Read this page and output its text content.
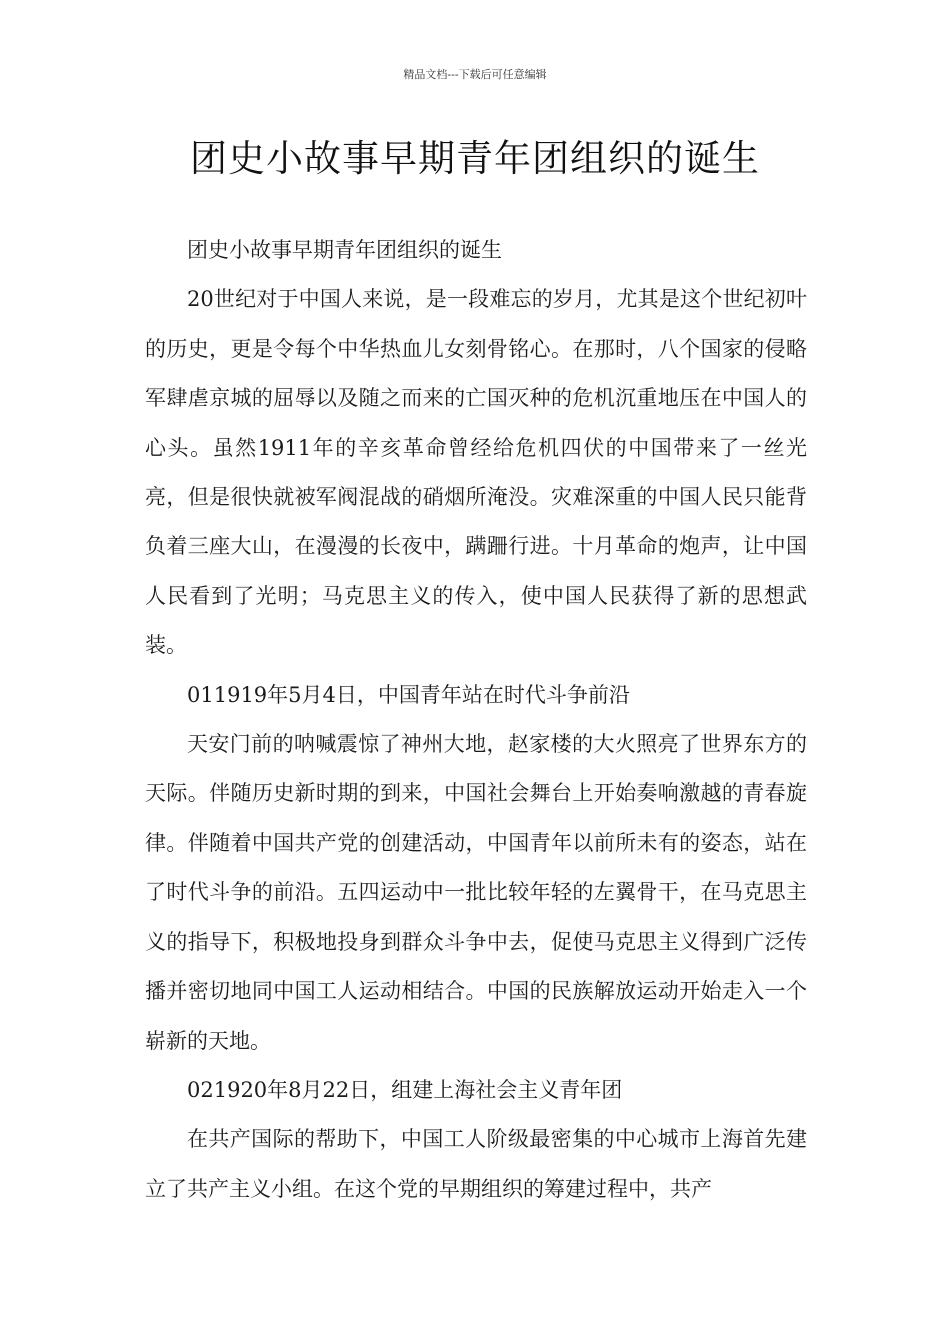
精品文档---下载后可任意编辑
团史小故事早期青年团组织的诞生

团史小故事早期青年团组织的诞生

20世纪对于中国人来说，是一段难忘的岁月，尤其是这个世纪初叶的历史，更是令每个中华热血儿女刻骨铭心。在那时，八个国家的侵略军肆虐京城的屈辱以及随之而来的亡国灭种的危机沉重地压在中国人的心头。虽然1911年的辛亥革命曾经给危机四伏的中国带来了一丝光亮，但是很快就被军阀混战的硝烟所淹没。灾难深重的中国人民只能背负着三座大山，在漫漫的长夜中，蹒跚行进。十月革命的炮声，让中国人民看到了光明；马克思主义的传入，使中国人民获得了新的思想武装。

011919年5月4日，中国青年站在时代斗争前沿

天安门前的呐喊震惊了神州大地，赵家楼的大火照亮了世界东方的天际。伴随历史新时期的到来，中国社会舞台上开始奏响激越的青春旋律。伴随着中国共产党的创建活动，中国青年以前所未有的姿态，站在了时代斗争的前沿。五四运动中一批比较年轻的左翼骨干，在马克思主义的指导下，积极地投身到群众斗争中去，促使马克思主义得到广泛传播并密切地同中国工人运动相结合。中国的民族解放运动开始走入一个崭新的天地。

021920年8月22日，组建上海社会主义青年团

在共产国际的帮助下，中国工人阶级最密集的中心城市上海首先建立了共产主义小组。在这个党的早期组织的筹建过程中，共产
